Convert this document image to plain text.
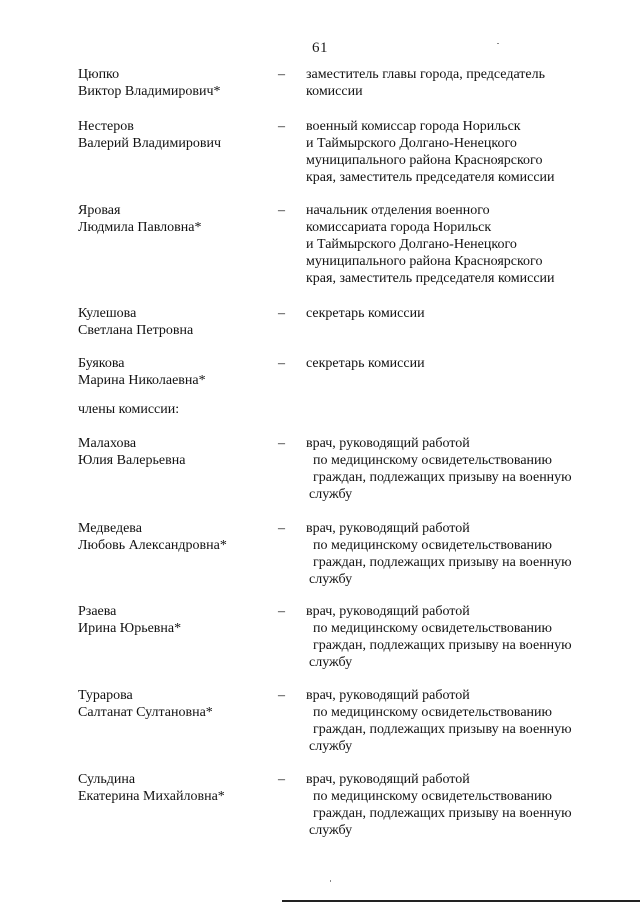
61
Цюпко
Виктор Владимирович*
– заместитель главы города, председатель
комиссии
Нестеров
Валерий Владимирович
– военный комиссар города Норильск
и Таймырского Долгано-Ненецкого
муниципального района Красноярского
края, заместитель председателя комиссии
Яровая
Людмила Павловна*
– начальник отделения военного
комиссариата города Норильск
и Таймырского Долгано-Ненецкого
муниципального района Красноярского
края, заместитель председателя комиссии
Кулешова
Светлана Петровна
– секретарь комиссии
Буякова
Марина Николаевна*
– секретарь комиссии
Малахова
Юлия Валерьевна
– врач, руководящий работой
по медицинскому освидетельствованию
граждан, подлежащих призыву на военную
службу
Медведева
Любовь Александровна*
– врач, руководящий работой
по медицинскому освидетельствованию
граждан, подлежащих призыву на военную
службу
Рзаева
Ирина Юрьевна*
– врач, руководящий работой
по медицинскому освидетельствованию
граждан, подлежащих призыву на военную
службу
Турарова
Салтанат Султановна*
– врач, руководящий работой
по медицинскому освидетельствованию
граждан, подлежащих призыву на военную
службу
Сульдина
Екатерина Михайловна*
– врач, руководящий работой
по медицинскому освидетельствованию
граждан, подлежащих призыву на военную
службу
члены комиссии:
